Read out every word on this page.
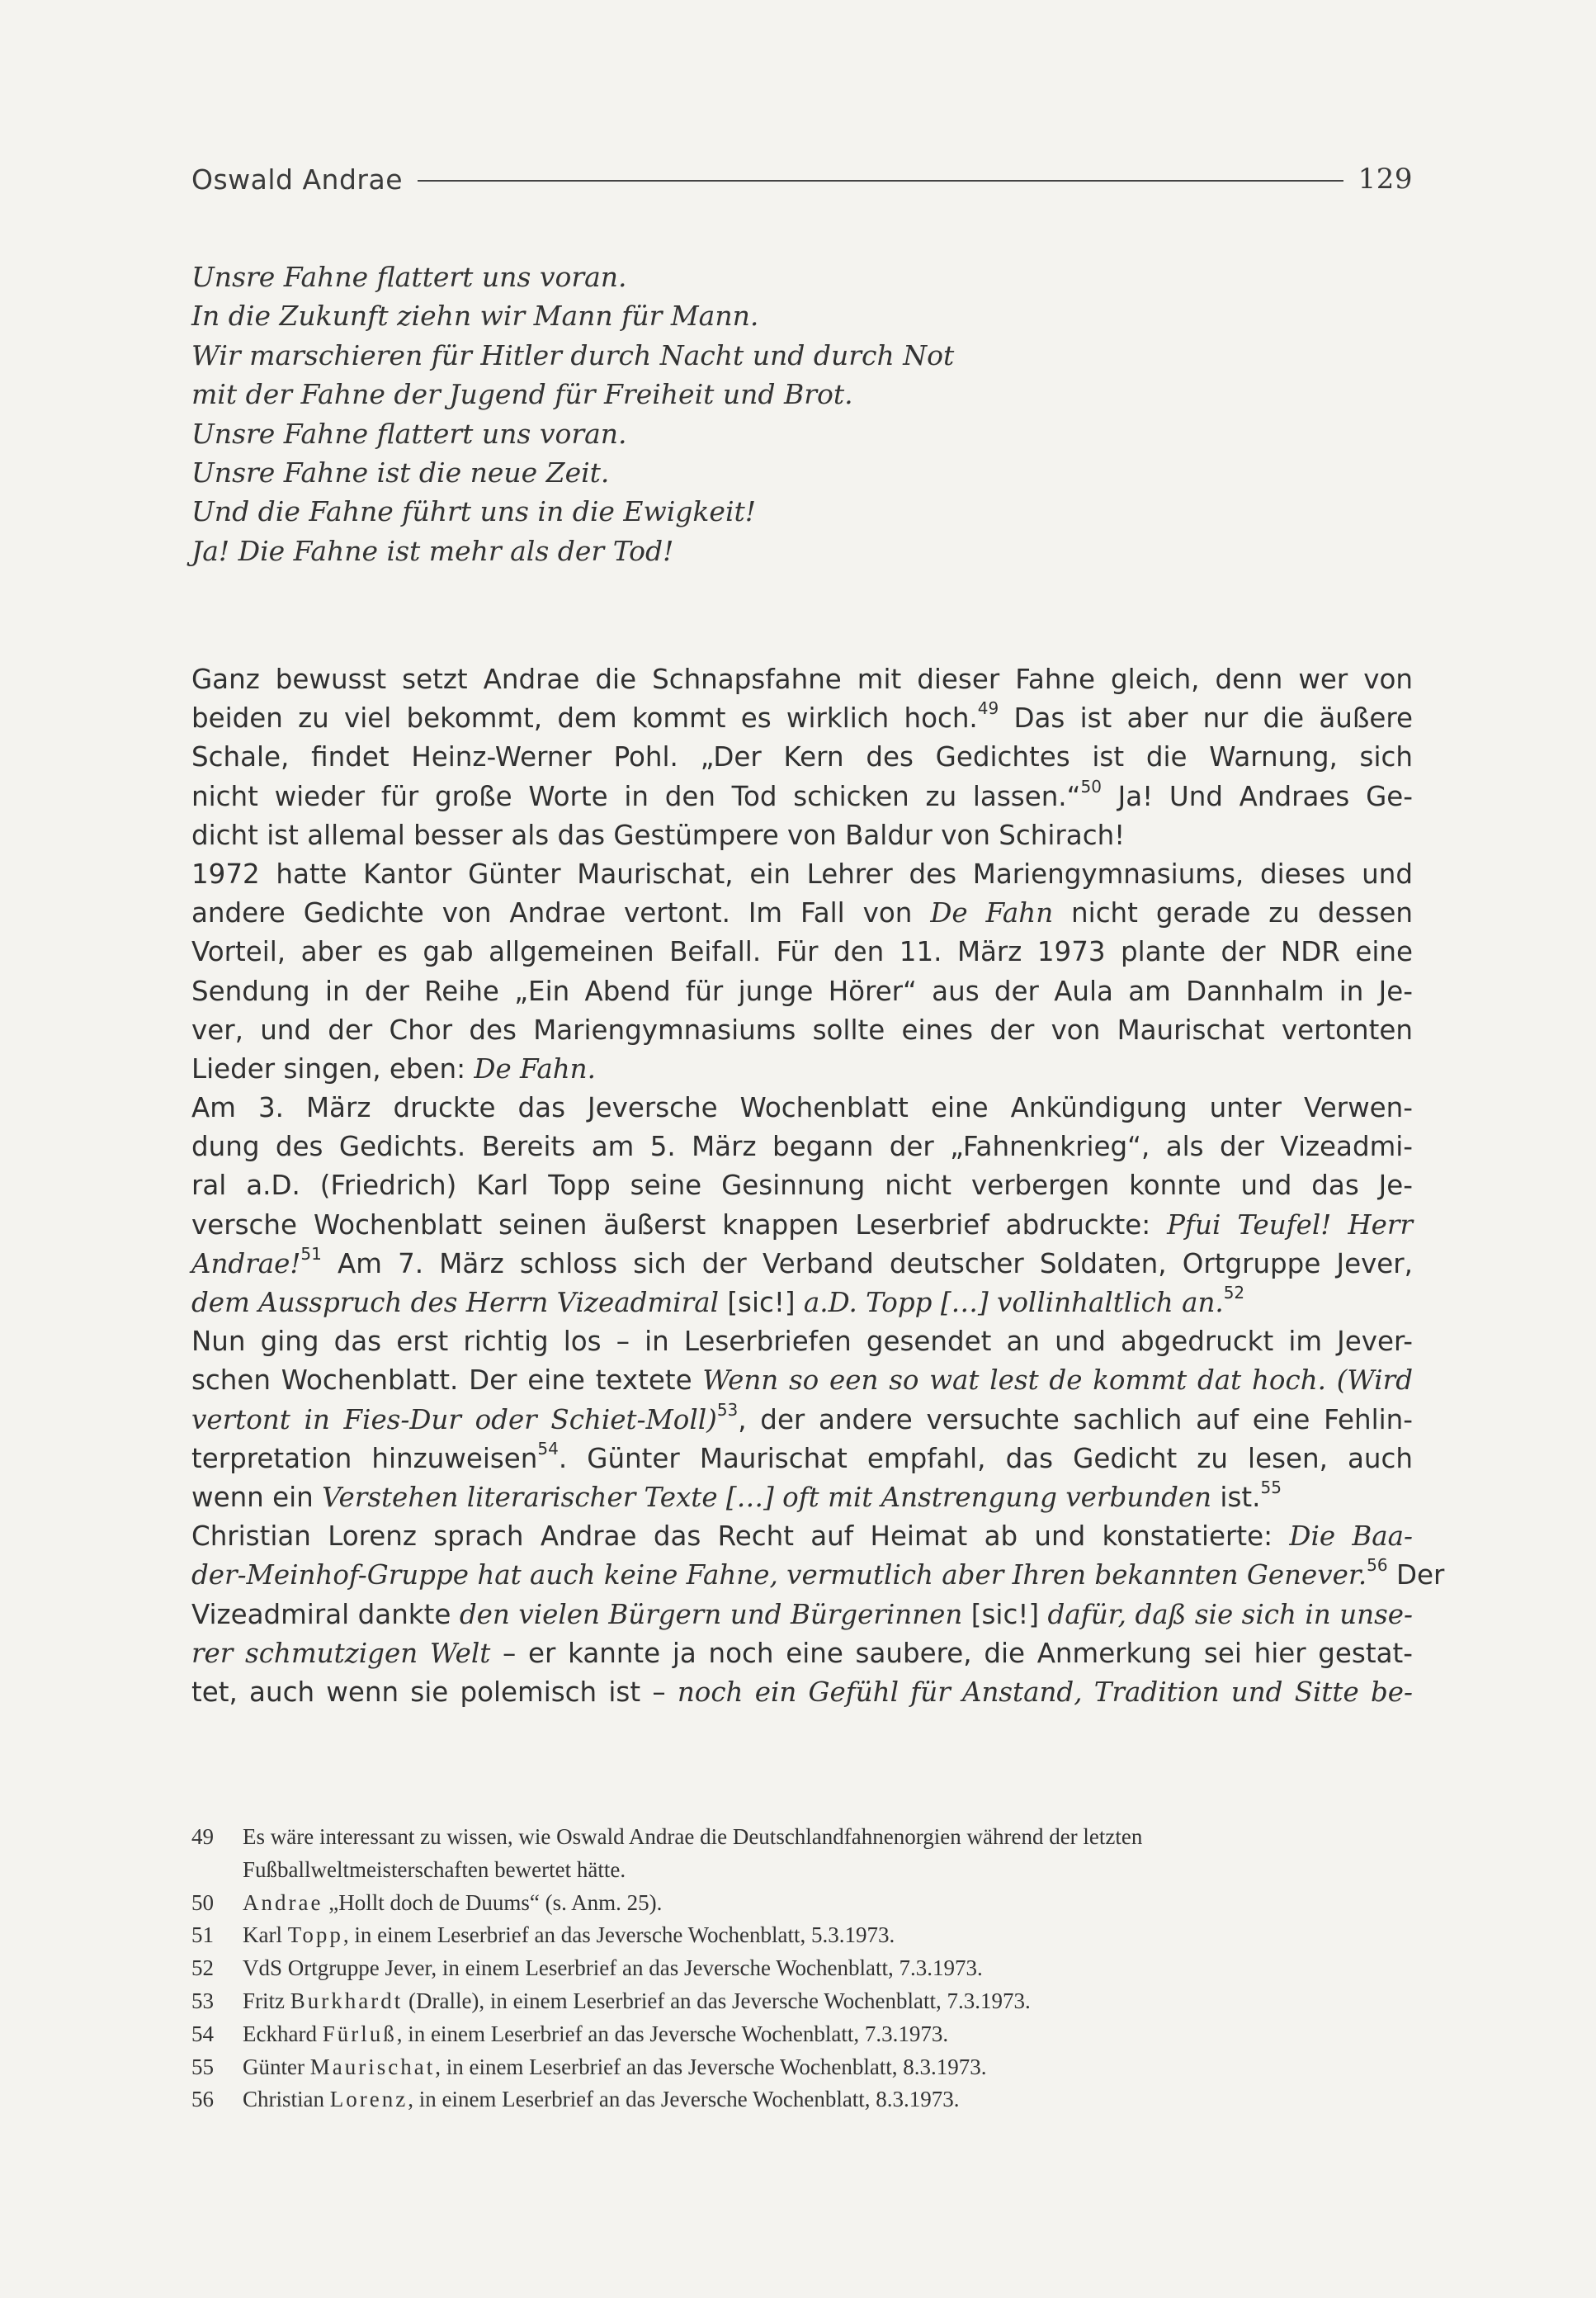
Oswald Andrae	129
Unsre Fahne flattert uns voran.
In die Zukunft ziehn wir Mann für Mann.
Wir marschieren für Hitler durch Nacht und durch Not
mit der Fahne der Jugend für Freiheit und Brot.
Unsre Fahne flattert uns voran.
Unsre Fahne ist die neue Zeit.
Und die Fahne führt uns in die Ewigkeit!
Ja! Die Fahne ist mehr als der Tod!
Ganz bewusst setzt Andrae die Schnapsfahne mit dieser Fahne gleich, denn wer von
beiden zu viel bekommt, dem kommt es wirklich hoch.$^{49}$ Das ist aber nur die äußere
Schale, findet Heinz-Werner Pohl. „Der Kern des Gedichtes ist die Warnung, sich
nicht wieder für große Worte in den Tod schicken zu lassen.“$^{50}$ Ja! Und Andraes Ge-
dicht ist allemal besser als das Gestümpere von Baldur von Schirach!
1972 hatte Kantor Günter Maurischat, ein Lehrer des Mariengymnasiums, dieses und
andere Gedichte von Andrae vertont. Im Fall von De Fahn nicht gerade zu dessen
Vorteil, aber es gab allgemeinen Beifall. Für den 11. März 1973 plante der NDR eine
Sendung in der Reihe „Ein Abend für junge Hörer“ aus der Aula am Dannhalm in Je-
ver, und der Chor des Mariengymnasiums sollte eines der von Maurischat vertonten
Lieder singen, eben: De Fahn.
Am 3. März druckte das Jeversche Wochenblatt eine Ankündigung unter Verwen-
dung des Gedichts. Bereits am 5. März begann der „Fahnenkrieg“, als der Vizeadmi-
ral a.D. (Friedrich) Karl Topp seine Gesinnung nicht verbergen konnte und das Je-
versche Wochenblatt seinen äußerst knappen Leserbrief abdruckte: Pfui Teufel! Herr
Andrae!$^{51}$ Am 7. März schloss sich der Verband deutscher Soldaten, Ortgruppe Jever,
dem Ausspruch des Herrn Vizeadmiral [sic!] a.D. Topp […] vollinhaltlich an.$^{52}$
Nun ging das erst richtig los – in Leserbriefen gesendet an und abgedruckt im Jever-
schen Wochenblatt. Der eine textete Wenn so een so wat lest de kommt dat hoch. (Wird
vertont in Fies-Dur oder Schiet-Moll)$^{53}$, der andere versuchte sachlich auf eine Fehlin-
terpretation hinzuweisen$^{54}$. Günter Maurischat empfahl, das Gedicht zu lesen, auch
wenn ein Verstehen literarischer Texte […] oft mit Anstrengung verbunden ist.$^{55}$
Christian Lorenz sprach Andrae das Recht auf Heimat ab und konstatierte: Die Baa-
der-Meinhof-Gruppe hat auch keine Fahne, vermutlich aber Ihren bekannten Genever.$^{56}$ Der
Vizeadmiral dankte den vielen Bürgern und Bürgerinnen [sic!] dafür, daß sie sich in unse-
rer schmutzigen Welt – er kannte ja noch eine saubere, die Anmerkung sei hier gestat-
tet, auch wenn sie polemisch ist – noch ein Gefühl für Anstand, Tradition und Sitte be-
49	Es wäre interessant zu wissen, wie Oswald Andrae die Deutschlandfahnenorgien während der letzten
Fußballweltmeisterschaften bewertet hätte.
50	Andrae „Hollt doch de Duums“ (s. Anm. 25).
51	Karl Topp, in einem Leserbrief an das Jeversche Wochenblatt, 5.3.1973.
52	VdS Ortgruppe Jever, in einem Leserbrief an das Jeversche Wochenblatt, 7.3.1973.
53	Fritz Burkhardt (Dralle), in einem Leserbrief an das Jeversche Wochenblatt, 7.3.1973.
54	Eckhard Fürluß, in einem Leserbrief an das Jeversche Wochenblatt, 7.3.1973.
55	Günter Maurischat, in einem Leserbrief an das Jeversche Wochenblatt, 8.3.1973.
56	Christian Lorenz, in einem Leserbrief an das Jeversche Wochenblatt, 8.3.1973.
